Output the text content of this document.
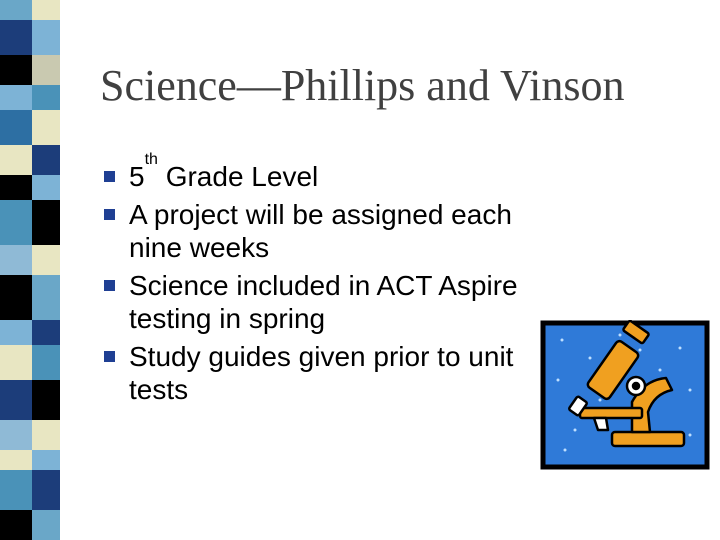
Science—Phillips and Vinson
5th Grade Level
A project will be assigned each nine weeks
Science included in ACT Aspire testing in spring
Study guides given prior to unit tests
